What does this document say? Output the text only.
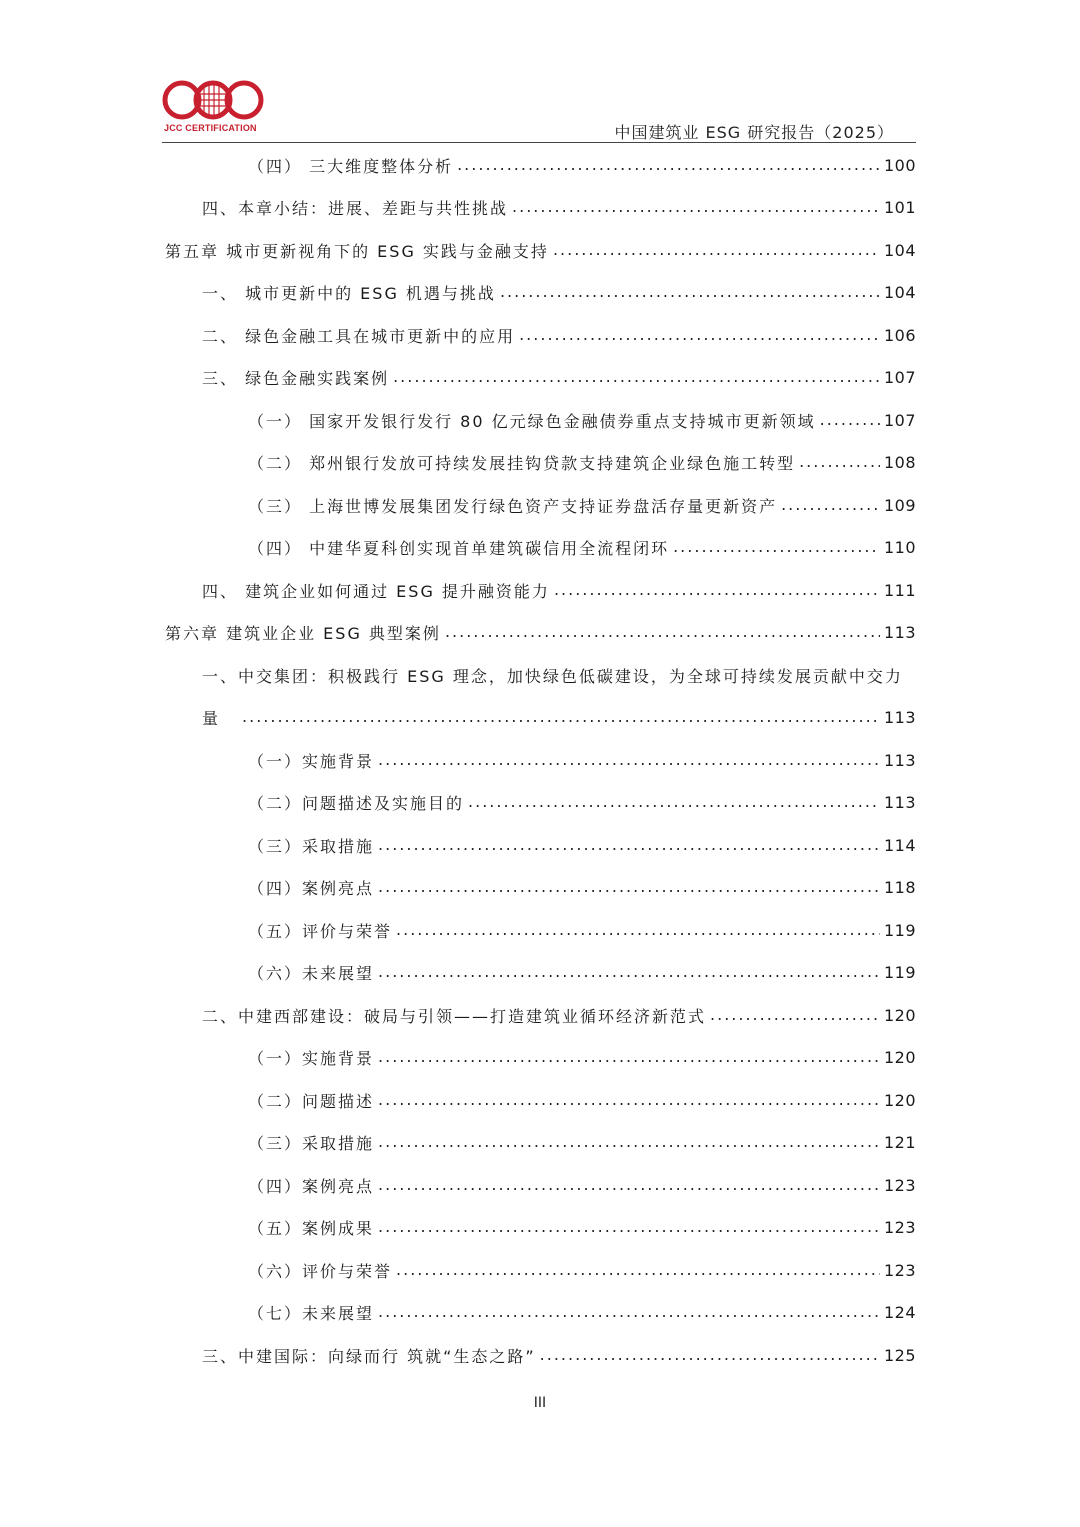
JCC CERTIFICATION	中国建筑业 ESG 研究报告（2025）
（四） 三大维度整体分析 .....	100
四、本章小结：进展、差距与共性挑战 .....	101
第五章 城市更新视角下的 ESG 实践与金融支持 .....	104
一、 城市更新中的 ESG 机遇与挑战 .....	104
二、 绿色金融工具在城市更新中的应用 .....	106
三、 绿色金融实践案例 .....	107
（一） 国家开发银行发行 80 亿元绿色金融债券重点支持城市更新领域 .....	107
（二） 郑州银行发放可持续发展挂钩贷款支持建筑企业绿色施工转型 .....	108
（三） 上海世博发展集团发行绿色资产支持证券盘活存量更新资产 .....	109
（四） 中建华夏科创实现首单建筑碳信用全流程闭环 .....	110
四、 建筑企业如何通过 ESG 提升融资能力 .....	111
第六章 建筑业企业 ESG 典型案例 .....	113
一、中交集团：积极践行 ESG 理念，加快绿色低碳建设，为全球可持续发展贡献中交力
量 .....	113
（一）实施背景 .....	113
（二）问题描述及实施目的 .....	113
（三）采取措施 .....	114
（四）案例亮点 .....	118
（五）评价与荣誉 .....	119
（六）未来展望 .....	119
二、中建西部建设：破局与引领——打造建筑业循环经济新范式 .....	120
（一）实施背景 .....	120
（二）问题描述 .....	120
（三）采取措施 .....	121
（四）案例亮点 .....	123
（五）案例成果 .....	123
（六）评价与荣誉 .....	123
（七）未来展望 .....	124
三、中建国际：向绿而行 筑就“生态之路” .....	125
III
